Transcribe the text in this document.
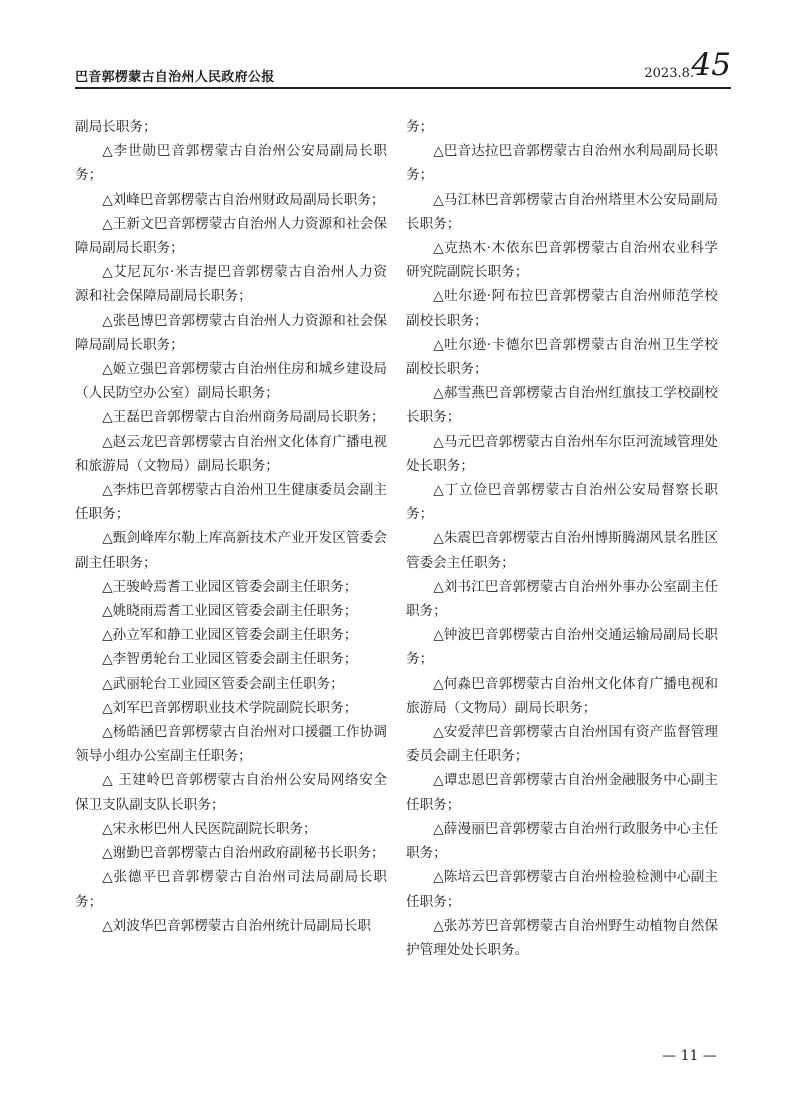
巴音郭楞蒙古自治州人民政府公报	2023.8.
45

副局长职务；

△李世勋巴音郭楞蒙古自治州公安局副局长职务；

△刘峰巴音郭楞蒙古自治州财政局副局长职务；

△王新文巴音郭楞蒙古自治州人力资源和社会保障局副局长职务；

△艾尼瓦尔·米吉提巴音郭楞蒙古自治州人力资源和社会保障局副局长职务；

△张邑博巴音郭楞蒙古自治州人力资源和社会保障局副局长职务；

△姬立强巴音郭楞蒙古自治州住房和城乡建设局（人民防空办公室）副局长职务；

△王磊巴音郭楞蒙古自治州商务局副局长职务；

△赵云龙巴音郭楞蒙古自治州文化体育广播电视和旅游局（文物局）副局长职务；

△李炜巴音郭楞蒙古自治州卫生健康委员会副主任职务；

△甄剑峰库尔勒上库高新技术产业开发区管委会副主任职务；

△王骏岭焉耆工业园区管委会副主任职务；

△姚晓雨焉耆工业园区管委会副主任职务；

△孙立军和静工业园区管委会副主任职务；

△李智勇轮台工业园区管委会副主任职务；

△武丽轮台工业园区管委会副主任职务；

△刘军巴音郭楞职业技术学院副院长职务；

△杨皓涵巴音郭楞蒙古自治州对口援疆工作协调领导小组办公室副主任职务；

△ 王建岭巴音郭楞蒙古自治州公安局网络安全保卫支队副支队长职务；

△宋永彬巴州人民医院副院长职务；

△谢勤巴音郭楞蒙古自治州政府副秘书长职务；

△张德平巴音郭楞蒙古自治州司法局副局长职务；

△刘波华巴音郭楞蒙古自治州统计局副局长职

务；

△巴音达拉巴音郭楞蒙古自治州水利局副局长职务；

△马江林巴音郭楞蒙古自治州塔里木公安局副局长职务；

△克热木·木依东巴音郭楞蒙古自治州农业科学研究院副院长职务；

△吐尔逊·阿布拉巴音郭楞蒙古自治州师范学校副校长职务；

△吐尔逊·卡德尔巴音郭楞蒙古自治州卫生学校副校长职务；

△郝雪燕巴音郭楞蒙古自治州红旗技工学校副校长职务；

△马元巴音郭楞蒙古自治州车尔臣河流域管理处处长职务；

△丁立俭巴音郭楞蒙古自治州公安局督察长职务；

△朱震巴音郭楞蒙古自治州博斯腾湖风景名胜区管委会主任职务；

△刘书江巴音郭楞蒙古自治州外事办公室副主任职务；

△钟波巴音郭楞蒙古自治州交通运输局副局长职务；

△何淼巴音郭楞蒙古自治州文化体育广播电视和旅游局（文物局）副局长职务；

△安爱萍巴音郭楞蒙古自治州国有资产监督管理委员会副主任职务；

△谭忠恩巴音郭楞蒙古自治州金融服务中心副主任职务；

△薛漫丽巴音郭楞蒙古自治州行政服务中心主任职务；

△陈培云巴音郭楞蒙古自治州检验检测中心副主任职务；

△张苏芳巴音郭楞蒙古自治州野生动植物自然保护管理处处长职务。

— 11 —
